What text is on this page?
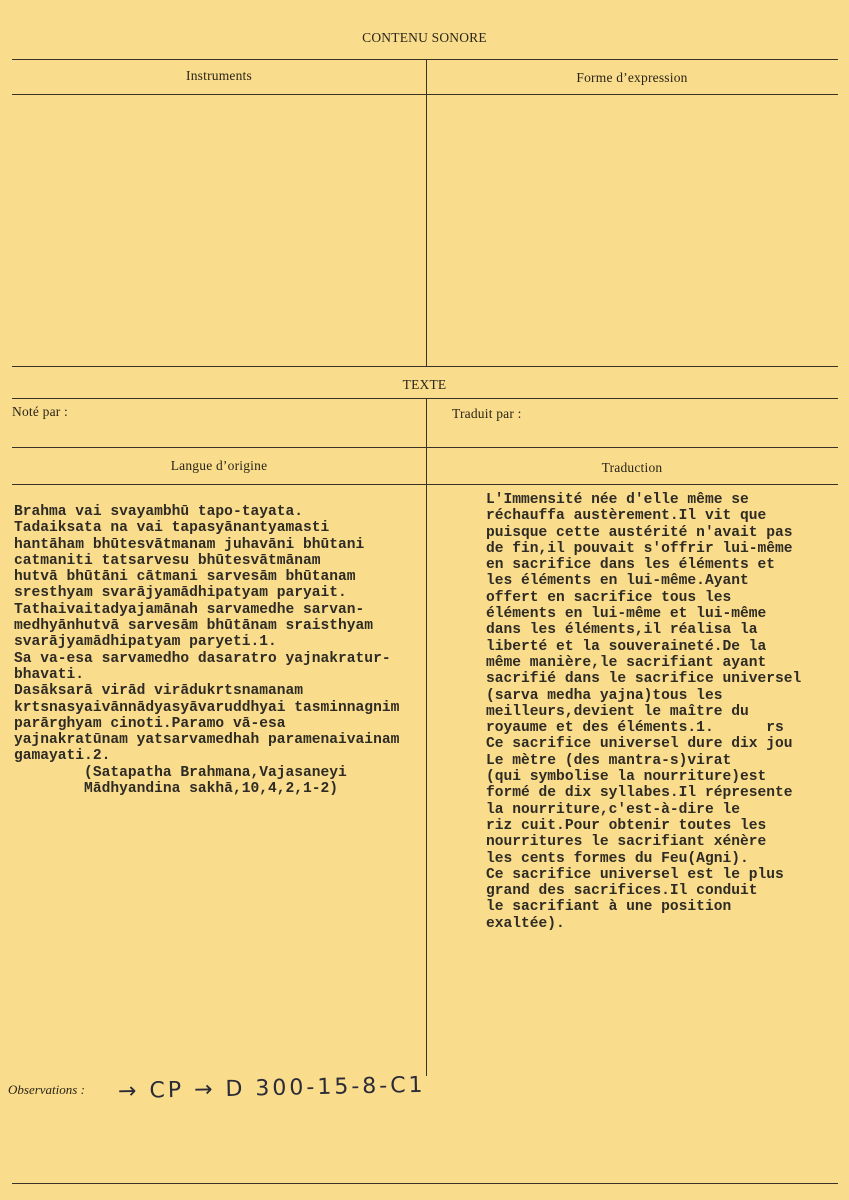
CONTENU SONORE
Instruments	Forme d’expression
TEXTE
Noté par :	Traduit par :
Langue d’origine	Traduction
Brahma vai svayambhū tapo-tayata.
Tadaiksata na vai tapasyānantyamasti
hantāham bhūtesvātmanam juhavāni bhūtani
catmaniti tatsarvesu bhūtesvātmānam
hutvā bhūtāni cātmani sarvesām bhūtanam
sresthyam svarājyamādhipatyam paryait.
Tathaivaitadyajamānah sarvamedhe sarvan-
medhyānhutvā sarvesām bhūtānam sraisthyam
svarājyamādhipatyam paryeti.1.
Sa va-esa sarvamedho dasaratro yajnakratur-
bhavati.
Dasāksarā virād virādukrtsnamanam
krtsnasyaivānnādyasyāvaruddhyai tasminnagnim
parārghyam cinoti.Paramo vā-esa
yajnakratūnam yatsarvamedhah paramenaivainam
gamayati.2.
(Satapatha Brahmana,Vajasaneyi
Mādhyandina sakhā,10,4,2,1-2)
L'Immensité née d'elle même se
réchauffa austèrement.Il vit que
puisque cette austérité n'avait pas
de fin,il pouvait s'offrir lui-même
en sacrifice dans les éléments et
les éléments en lui-même.Ayant
offert en sacrifice tous les
éléments en lui-même et lui-même
dans les éléments,il réalisa la
liberté et la souveraineté.De la
même manière,le sacrifiant ayant
sacrifié dans le sacrifice universel
(sarva medha yajna)tous les
meilleurs,devient le maître du
royaume et des éléments.1.      rs
Ce sacrifice universel dure dix jou
Le mètre (des mantra-s)virat
(qui symbolise la nourriture)est
formé de dix syllabes.Il répresente
la nourriture,c'est-à-dire le
riz cuit.Pour obtenir toutes les
nourritures le sacrifiant xénère
les cents formes du Feu(Agni).
Ce sacrifice universel est le plus
grand des sacrifices.Il conduit
le sacrifiant à une position
exaltée).
Observations : → CP → D 300-15-8-C1
